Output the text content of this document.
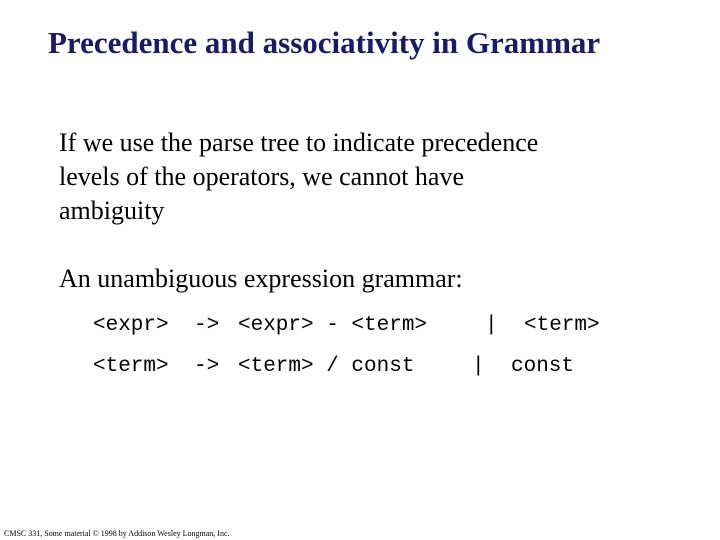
Precedence and associativity in Grammar
If we use the parse tree to indicate precedence
levels of the operators, we cannot have
ambiguity
An unambiguous expression grammar:
<expr> -> <expr> - <term>	| <term>
<term> -> <term> / const	| const
CMSC 331, Some material © 1998 by Addison Wesley Longman, Inc.
